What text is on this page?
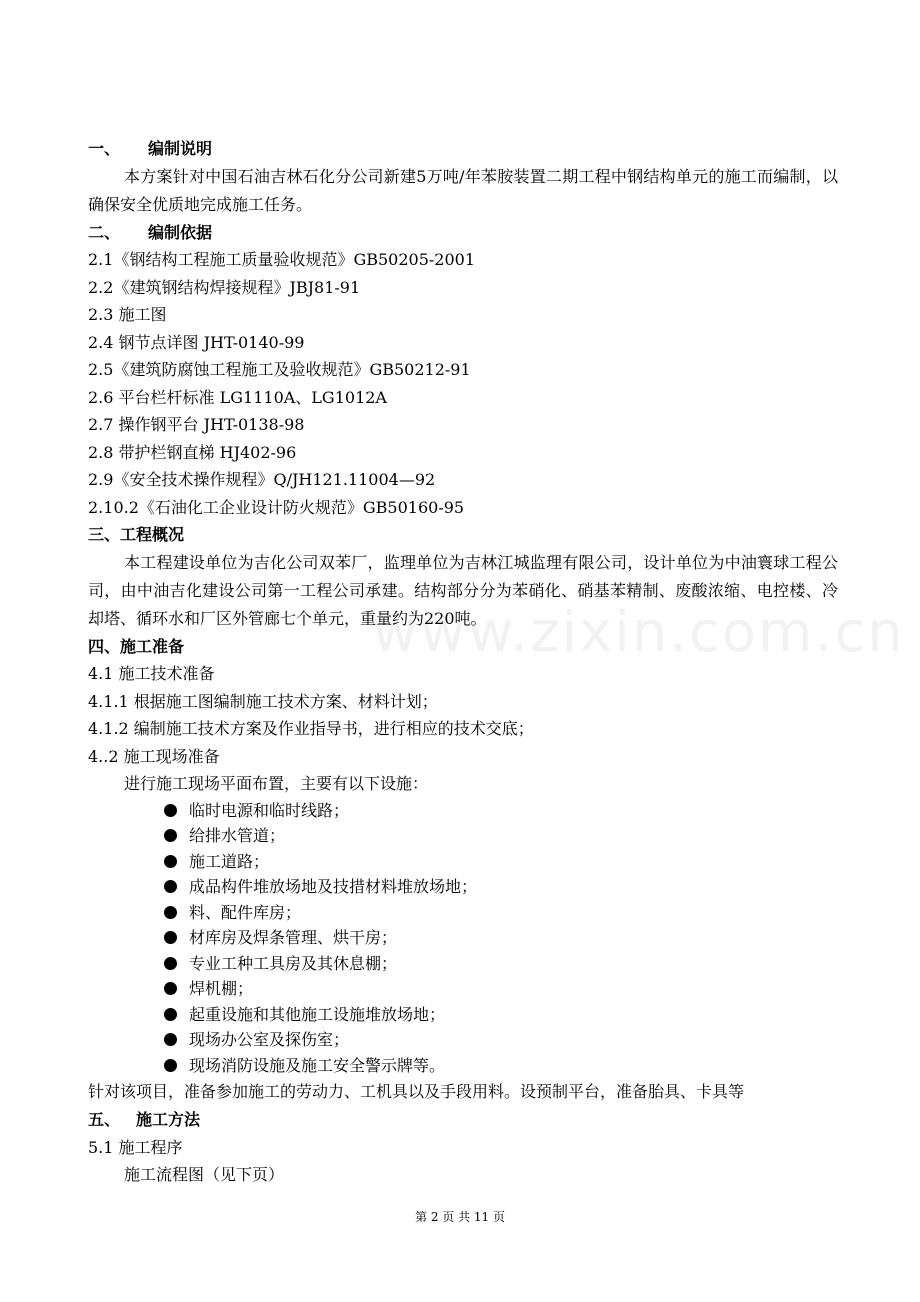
www.zixin.com.cn
一、 编制说明
本方案针对中国石油吉林石化分公司新建5万吨/年苯胺装置二期工程中钢结构单元的施工而编制，以确保安全优质地完成施工任务。
二、 编制依据
2.1《钢结构工程施工质量验收规范》GB50205-2001
2.2《建筑钢结构焊接规程》JBJ81-91
2.3 施工图
2.4 钢节点详图 JHT-0140-99
2.5《建筑防腐蚀工程施工及验收规范》GB50212-91
2.6 平台栏杆标准 LG1110A、LG1012A
2.7 操作钢平台 JHT-0138-98
2.8 带护栏钢直梯 HJ402-96
2.9《安全技术操作规程》Q/JH121.11004—92
2.10.2《石油化工企业设计防火规范》GB50160-95
三、工程概况
本工程建设单位为吉化公司双苯厂，监理单位为吉林江城监理有限公司，设计单位为中油寰球工程公司，由中油吉化建设公司第一工程公司承建。结构部分分为苯硝化、硝基苯精制、废酸浓缩、电控楼、冷却塔、循环水和厂区外管廊七个单元，重量约为220吨。
四、施工准备
4.1 施工技术准备
4.1.1 根据施工图编制施工技术方案、材料计划；
4.1.2 编制施工技术方案及作业指导书，进行相应的技术交底；
4..2 施工现场准备
进行施工现场平面布置，主要有以下设施：
临时电源和临时线路；
给排水管道；
施工道路；
成品构件堆放场地及技措材料堆放场地；
料、配件库房；
材库房及焊条管理、烘干房；
专业工种工具房及其休息棚；
焊机棚；
起重设施和其他施工设施堆放场地；
现场办公室及探伤室；
现场消防设施及施工安全警示牌等。
针对该项目，准备参加施工的劳动力、工机具以及手段用料。设预制平台，准备胎具、卡具等
五、 施工方法
5.1 施工程序
施工流程图（见下页）
第 2 页 共 11 页
